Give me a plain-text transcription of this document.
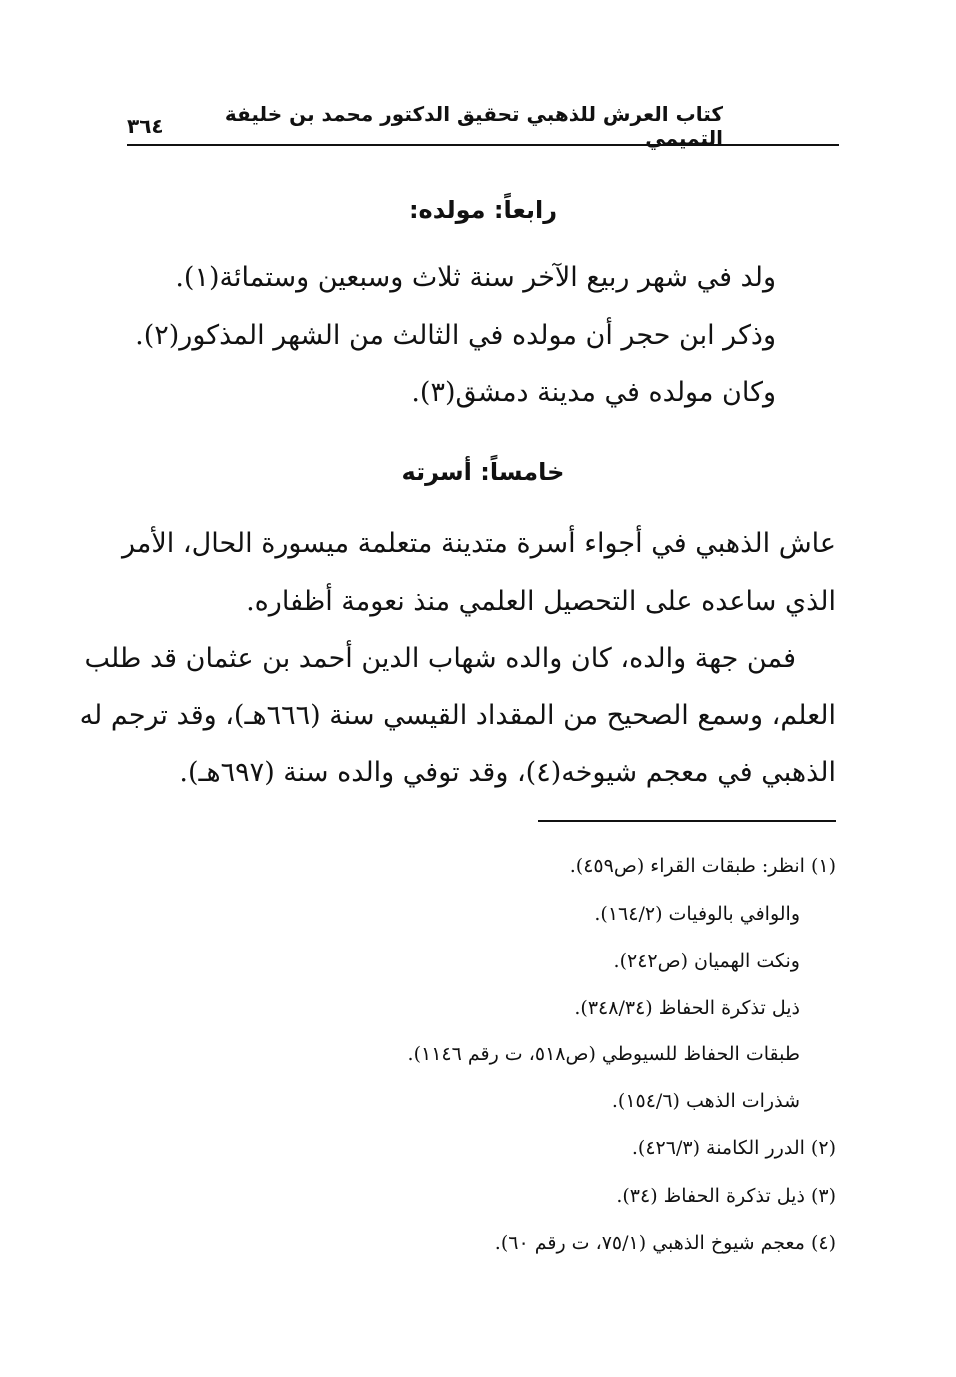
كتاب العرش للذهبي تحقيق الدكتور محمد بن خليفة التميمي
٣٦٤
رابعاً: مولده:
ولد في شهر ربيع الآخر سنة ثلاث وسبعين وستمائة(١).
وذكر ابن حجر أن مولده في الثالث من الشهر المذكور(٢).
وكان مولده في مدينة دمشق(٣).
خامساً: أسرته
عاش الذهبي في أجواء أسرة متدينة متعلمة ميسورة الحال، الأمر
الذي ساعده على التحصيل العلمي منذ نعومة أظفاره.
فمن جهة والده، كان والده شهاب الدين أحمد بن عثمان قد طلب
العلم، وسمع الصحيح من المقداد القيسي سنة (٦٦٦هـ)، وقد ترجم له
الذهبي في معجم شيوخه(٤)، وقد توفي والده سنة (٦٩٧هـ).
(١) انظر: طبقات القراء (ص٤٥٩).
والوافي بالوفيات (١٦٤/٢).
ونكت الهميان (ص٢٤٢).
ذيل تذكرة الحفاظ (٣٤٨/٣٤).
طبقات الحفاظ للسيوطي (ص٥١٨، ت رقم ١١٤٦).
شذرات الذهب (١٥٤/٦).
(٢) الدرر الكامنة (٤٢٦/٣).
(٣) ذيل تذكرة الحفاظ (٣٤).
(٤) معجم شيوخ الذهبي (٧٥/١، ت رقم ٦٠).
